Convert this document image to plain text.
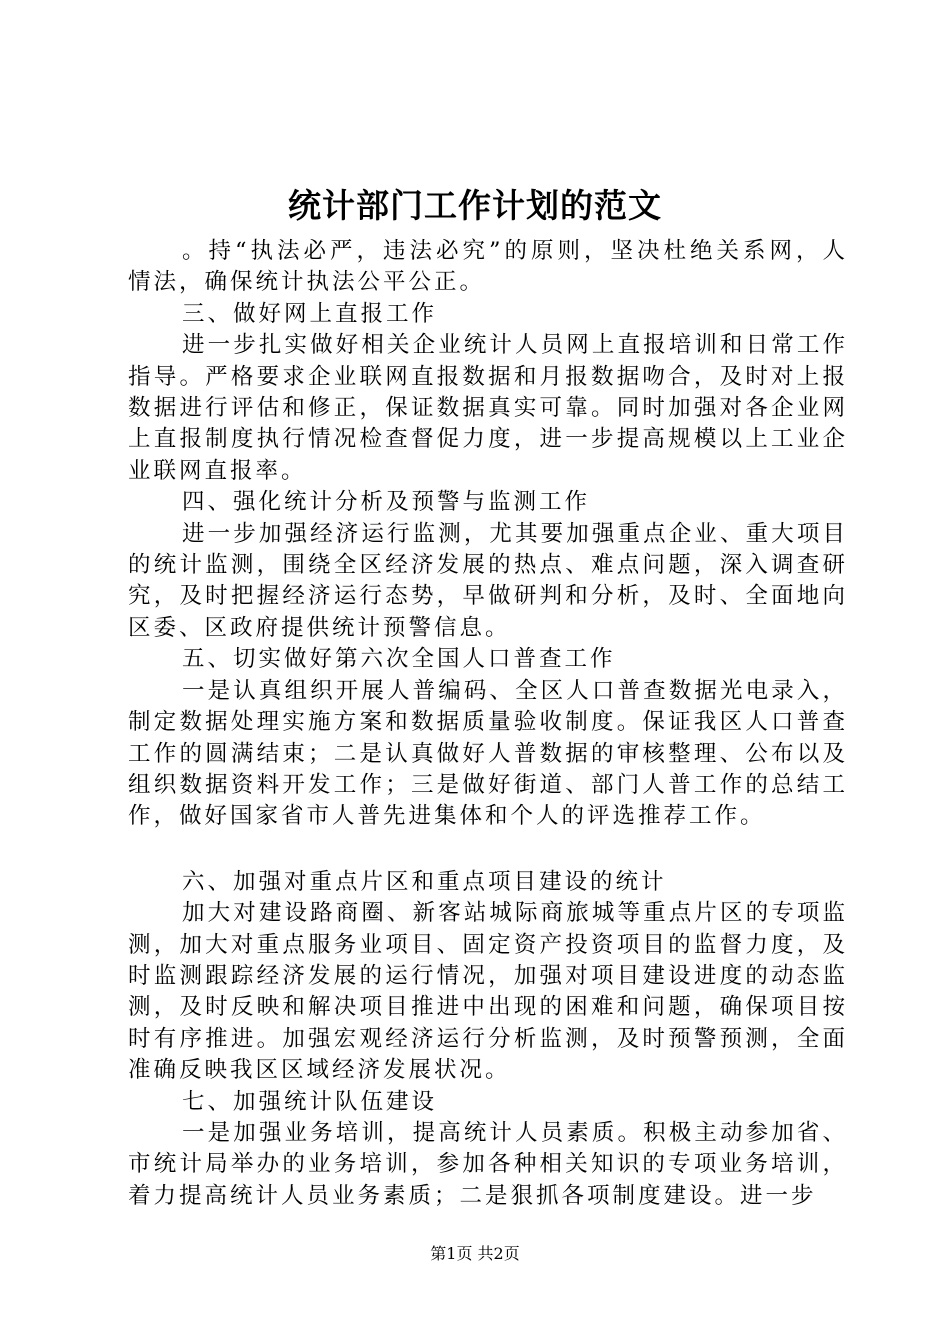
统计部门工作计划的范文

。持“执法必严，违法必究”的原则，坚决杜绝关系网，人情法，确保统计执法公平公正。

三、做好网上直报工作

进一步扎实做好相关企业统计人员网上直报培训和日常工作指导。严格要求企业联网直报数据和月报数据吻合，及时对上报数据进行评估和修正，保证数据真实可靠。同时加强对各企业网上直报制度执行情况检查督促力度，进一步提高规模以上工业企业联网直报率。

四、强化统计分析及预警与监测工作

进一步加强经济运行监测，尤其要加强重点企业、重大项目的统计监测，围绕全区经济发展的热点、难点问题，深入调查研究，及时把握经济运行态势，早做研判和分析，及时、全面地向区委、区政府提供统计预警信息。

五、切实做好第六次全国人口普查工作

一是认真组织开展人普编码、全区人口普查数据光电录入，制定数据处理实施方案和数据质量验收制度。保证我区人口普查工作的圆满结束；二是认真做好人普数据的审核整理、公布以及组织数据资料开发工作；三是做好街道、部门人普工作的总结工作，做好国家省市人普先进集体和个人的评选推荐工作。

六、加强对重点片区和重点项目建设的统计

加大对建设路商圈、新客站城际商旅城等重点片区的专项监测，加大对重点服务业项目、固定资产投资项目的监督力度，及时监测跟踪经济发展的运行情况，加强对项目建设进度的动态监测，及时反映和解决项目推进中出现的困难和问题，确保项目按时有序推进。加强宏观经济运行分析监测，及时预警预测，全面准确反映我区区域经济发展状况。

七、加强统计队伍建设

一是加强业务培训，提高统计人员素质。积极主动参加省、市统计局举办的业务培训，参加各种相关知识的专项业务培训，着力提高统计人员业务素质；二是狠抓各项制度建设。进一步

第1页 共2页
